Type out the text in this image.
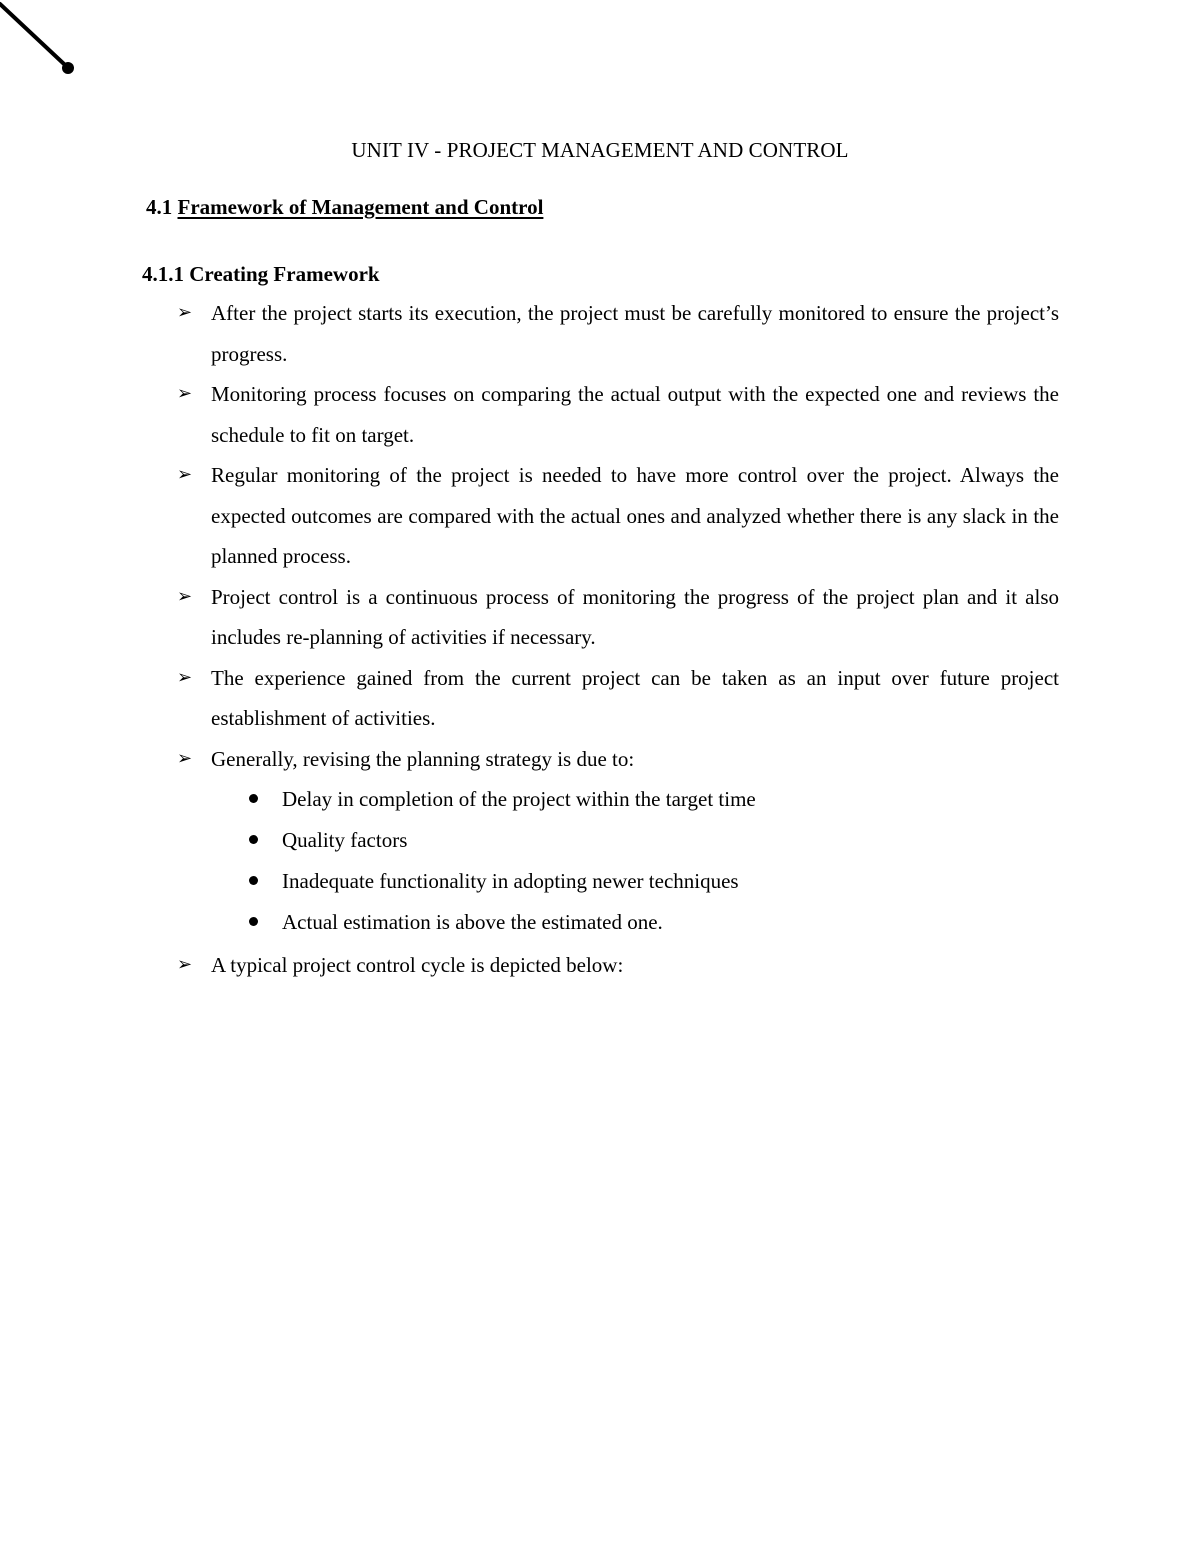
UNIT IV - PROJECT MANAGEMENT AND CONTROL
4.1 Framework of Management and Control
4.1.1 Creating Framework
➢ After the project starts its execution, the project must be carefully monitored to ensure the project’s progress.
➢ Monitoring process focuses on comparing the actual output with the expected one and reviews the schedule to fit on target.
➢ Regular monitoring of the project is needed to have more control over the project. Always the expected outcomes are compared with the actual ones and analyzed whether there is any slack in the planned process.
➢ Project control is a continuous process of monitoring the progress of the project plan and it also includes re-planning of activities if necessary.
➢ The experience gained from the current project can be taken as an input over future project establishment of activities.
➢ Generally, revising the planning strategy is due to:
Delay in completion of the project within the target time
Quality factors
Inadequate functionality in adopting newer techniques
Actual estimation is above the estimated one.
➢ A typical project control cycle is depicted below:
